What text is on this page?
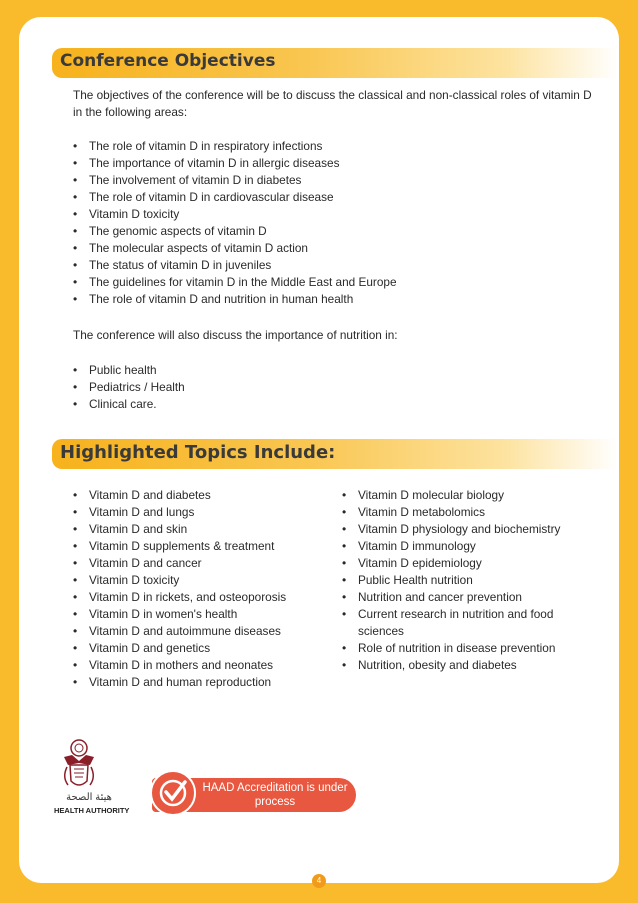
Conference Objectives
The objectives of the conference will be to discuss the classical and non-classical roles of vitamin D in the following areas:
• The role of vitamin D in respiratory infections
• The importance of vitamin D in allergic diseases
• The involvement of vitamin D in diabetes
• The role of vitamin D in cardiovascular disease
• Vitamin D toxicity
• The genomic aspects of vitamin D
• The molecular aspects of vitamin D action
• The status of vitamin D in juveniles
• The guidelines for vitamin D in the Middle East and Europe
• The role of vitamin D and nutrition in human health
The conference will also discuss the importance of nutrition in:
• Public health
• Pediatrics / Health
• Clinical care.
Highlighted Topics Include:
• Vitamin D and diabetes
• Vitamin D and lungs
• Vitamin D and skin
• Vitamin D supplements & treatment
• Vitamin D and cancer
• Vitamin D toxicity
• Vitamin D in rickets, and osteoporosis
• Vitamin D in women's health
• Vitamin D and autoimmune diseases
• Vitamin D and genetics
• Vitamin D in mothers and neonates
• Vitamin D and human reproduction
• Vitamin D molecular biology
• Vitamin D metabolomics
• Vitamin D physiology and biochemistry
• Vitamin D immunology
• Vitamin D epidemiology
• Public Health nutrition
• Nutrition and cancer prevention
• Current research in nutrition and food sciences
• Role of nutrition in disease prevention
• Nutrition, obesity and diabetes
هيئة الصحة
HEALTH AUTHORITY
HAAD Accreditation is under process
4
